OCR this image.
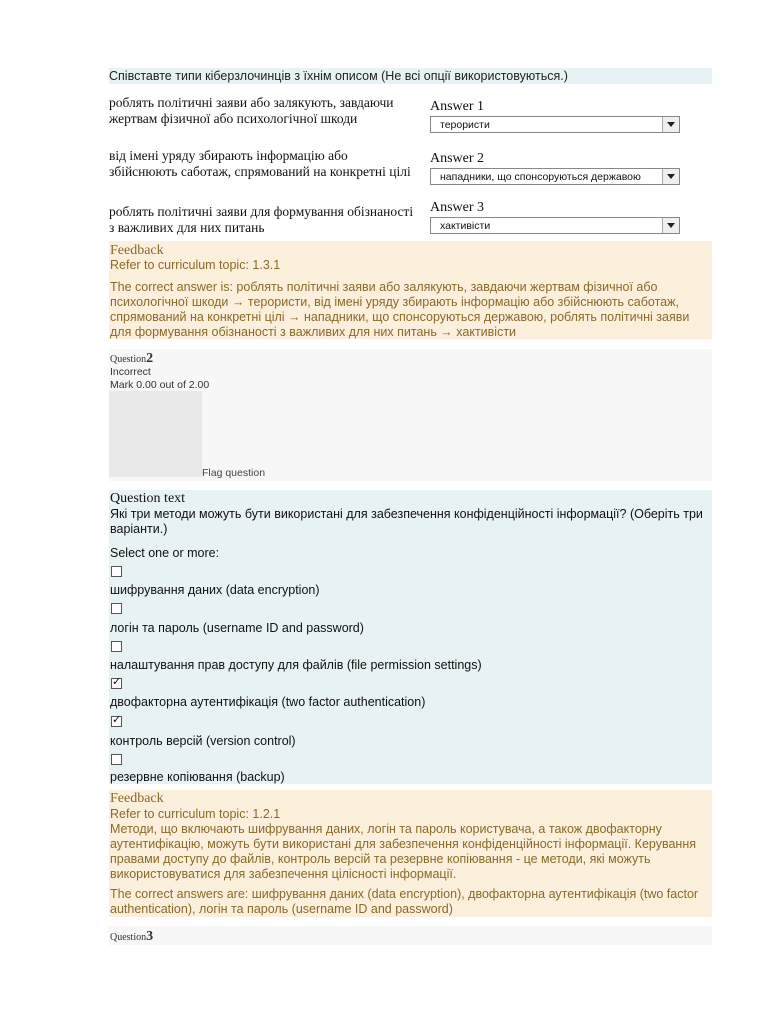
Співставте типи кіберзлочинців з їхнім описом (Не всі опції використовуються.)
роблять політичні заяви або залякують, завдаючи жертвам фізичної або психологічної шкоди
Answer 1
терористи
від імені уряду збирають інформацію або збійснюють саботаж, спрямований на конкретні цілі
Answer 2
нападники, що спонсоруються державою
роблять політичні заяви для формування обізнаності з важливих для них питань
Answer 3
хактивісти
Feedback
Refer to curriculum topic: 1.3.1
The correct answer is: роблять політичні заяви або залякують, завдаючи жертвам фізичної або психологічної шкоди → терористи, від імені уряду збирають інформацію або збійснюють саботаж, спрямований на конкретні цілі → нападники, що спонсоруються державою, роблять політичні заяви для формування обізнаності з важливих для них питань → хактивісти
Question2
Incorrect
Mark 0.00 out of 2.00
Flag question
Question text
Які три методи можуть бути використані для забезпечення конфіденційності інформації? (Оберіть три варіанти.)
Select one or more:
шифрування даних (data encryption)
логін та пароль (username ID and password)
налаштування прав доступу для файлів (file permission settings)
✓
двофакторна аутентифікація (two factor authentication)
✓
контроль версій (version control)
резервне копіювання (backup)
Feedback
Refer to curriculum topic: 1.2.1
Методи, що включають шифрування даних, логін та пароль користувача, а також двофакторну аутентифікацію, можуть бути використані для забезпечення конфіденційності інформації. Керування правами доступу до файлів, контроль версій та резервне копіювання - це методи, які можуть використовуватися для забезпечення цілісності інформації.
The correct answers are: шифрування даних (data encryption), двофакторна аутентифікація (two factor authentication), логін та пароль (username ID and password)
Question3
